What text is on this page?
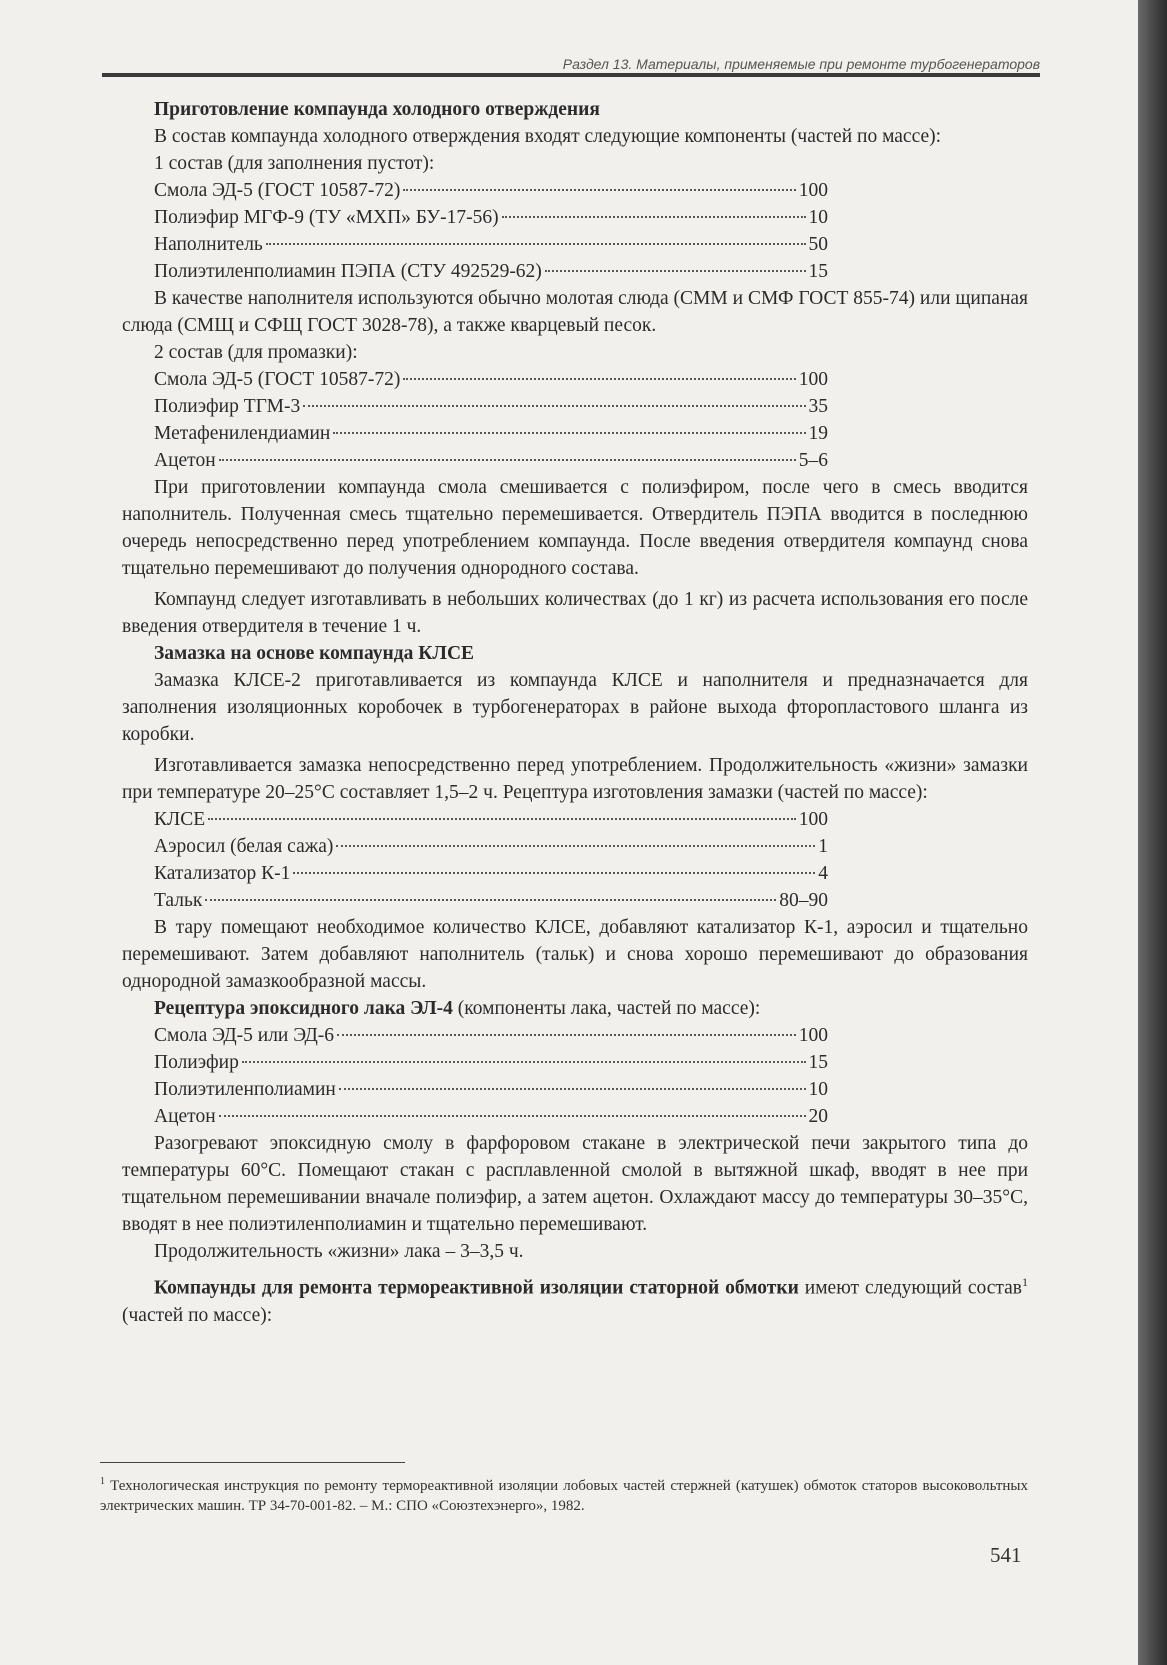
Раздел 13. Материалы, применяемые при ремонте турбогенераторов

Приготовление компаунда холодного отверждения

В состав компаунда холодного отверждения входят следующие компоненты (частей по массе):

1 состав (для заполнения пустот):

Смола ЭД-5 (ГОСТ 10587-72)	100
Полиэфир МГФ-9 (ТУ «МХП» БУ-17-56)	10
Наполнитель	50
Полиэтиленполиамин ПЭПА (СТУ 492529-62)	15

В качестве наполнителя используются обычно молотая слюда (СММ и СМФ ГОСТ 855-74) или щипаная слюда (СМЩ и СФЩ ГОСТ 3028-78), а также кварцевый песок.

2 состав (для промазки):

Смола ЭД-5 (ГОСТ 10587-72)	100
Полиэфир ТГМ-3	35
Метафенилендиамин	19
Ацетон	5–6

При приготовлении компаунда смола смешивается с полиэфиром, после чего в смесь вводится наполнитель. Полученная смесь тщательно перемешивается. Отвердитель ПЭПА вводится в последнюю очередь непосредственно перед употреблением компаунда. После введения отвердителя компаунд снова тщательно перемешивают до получения однородного состава.

Компаунд следует изготавливать в небольших количествах (до 1 кг) из расчета использования его после введения отвердителя в течение 1 ч.

Замазка на основе компаунда КЛСЕ

Замазка КЛСЕ-2 приготавливается из компаунда КЛСЕ и наполнителя и предназначается для заполнения изоляционных коробочек в турбогенераторах в районе выхода фторопластового шланга из коробки.

Изготавливается замазка непосредственно перед употреблением. Продолжительность «жизни» замазки при температуре 20–25°С составляет 1,5–2 ч. Рецептура изготовления замазки (частей по массе):

КЛСЕ	100
Аэросил (белая сажа)	1
Катализатор К-1	4
Тальк	80–90

В тару помещают необходимое количество КЛСЕ, добавляют катализатор К-1, аэросил и тщательно перемешивают. Затем добавляют наполнитель (тальк) и снова хорошо перемешивают до образования однородной замазкообразной массы.

Рецептура эпоксидного лака ЭЛ-4 (компоненты лака, частей по массе):

Смола ЭД-5 или ЭД-6	100
Полиэфир	15
Полиэтиленполиамин	10
Ацетон	20

Разогревают эпоксидную смолу в фарфоровом стакане в электрической печи закрытого типа до температуры 60°С. Помещают стакан с расплавленной смолой в вытяжной шкаф, вводят в нее при тщательном перемешивании вначале полиэфир, а затем ацетон. Охлаждают массу до температуры 30–35°С, вводят в нее полиэтиленполиамин и тщательно перемешивают.

Продолжительность «жизни» лака – 3–3,5 ч.

Компаунды для ремонта термореактивной изоляции статорной обмотки имеют следующий состав$^1$ (частей по массе):

$^1$ Технологическая инструкция по ремонту термореактивной изоляции лобовых частей стержней (катушек) обмоток статоров высоковольтных электрических машин. ТР 34-70-001-82. – М.: СПО «Союзтехэнерго», 1982.
541
